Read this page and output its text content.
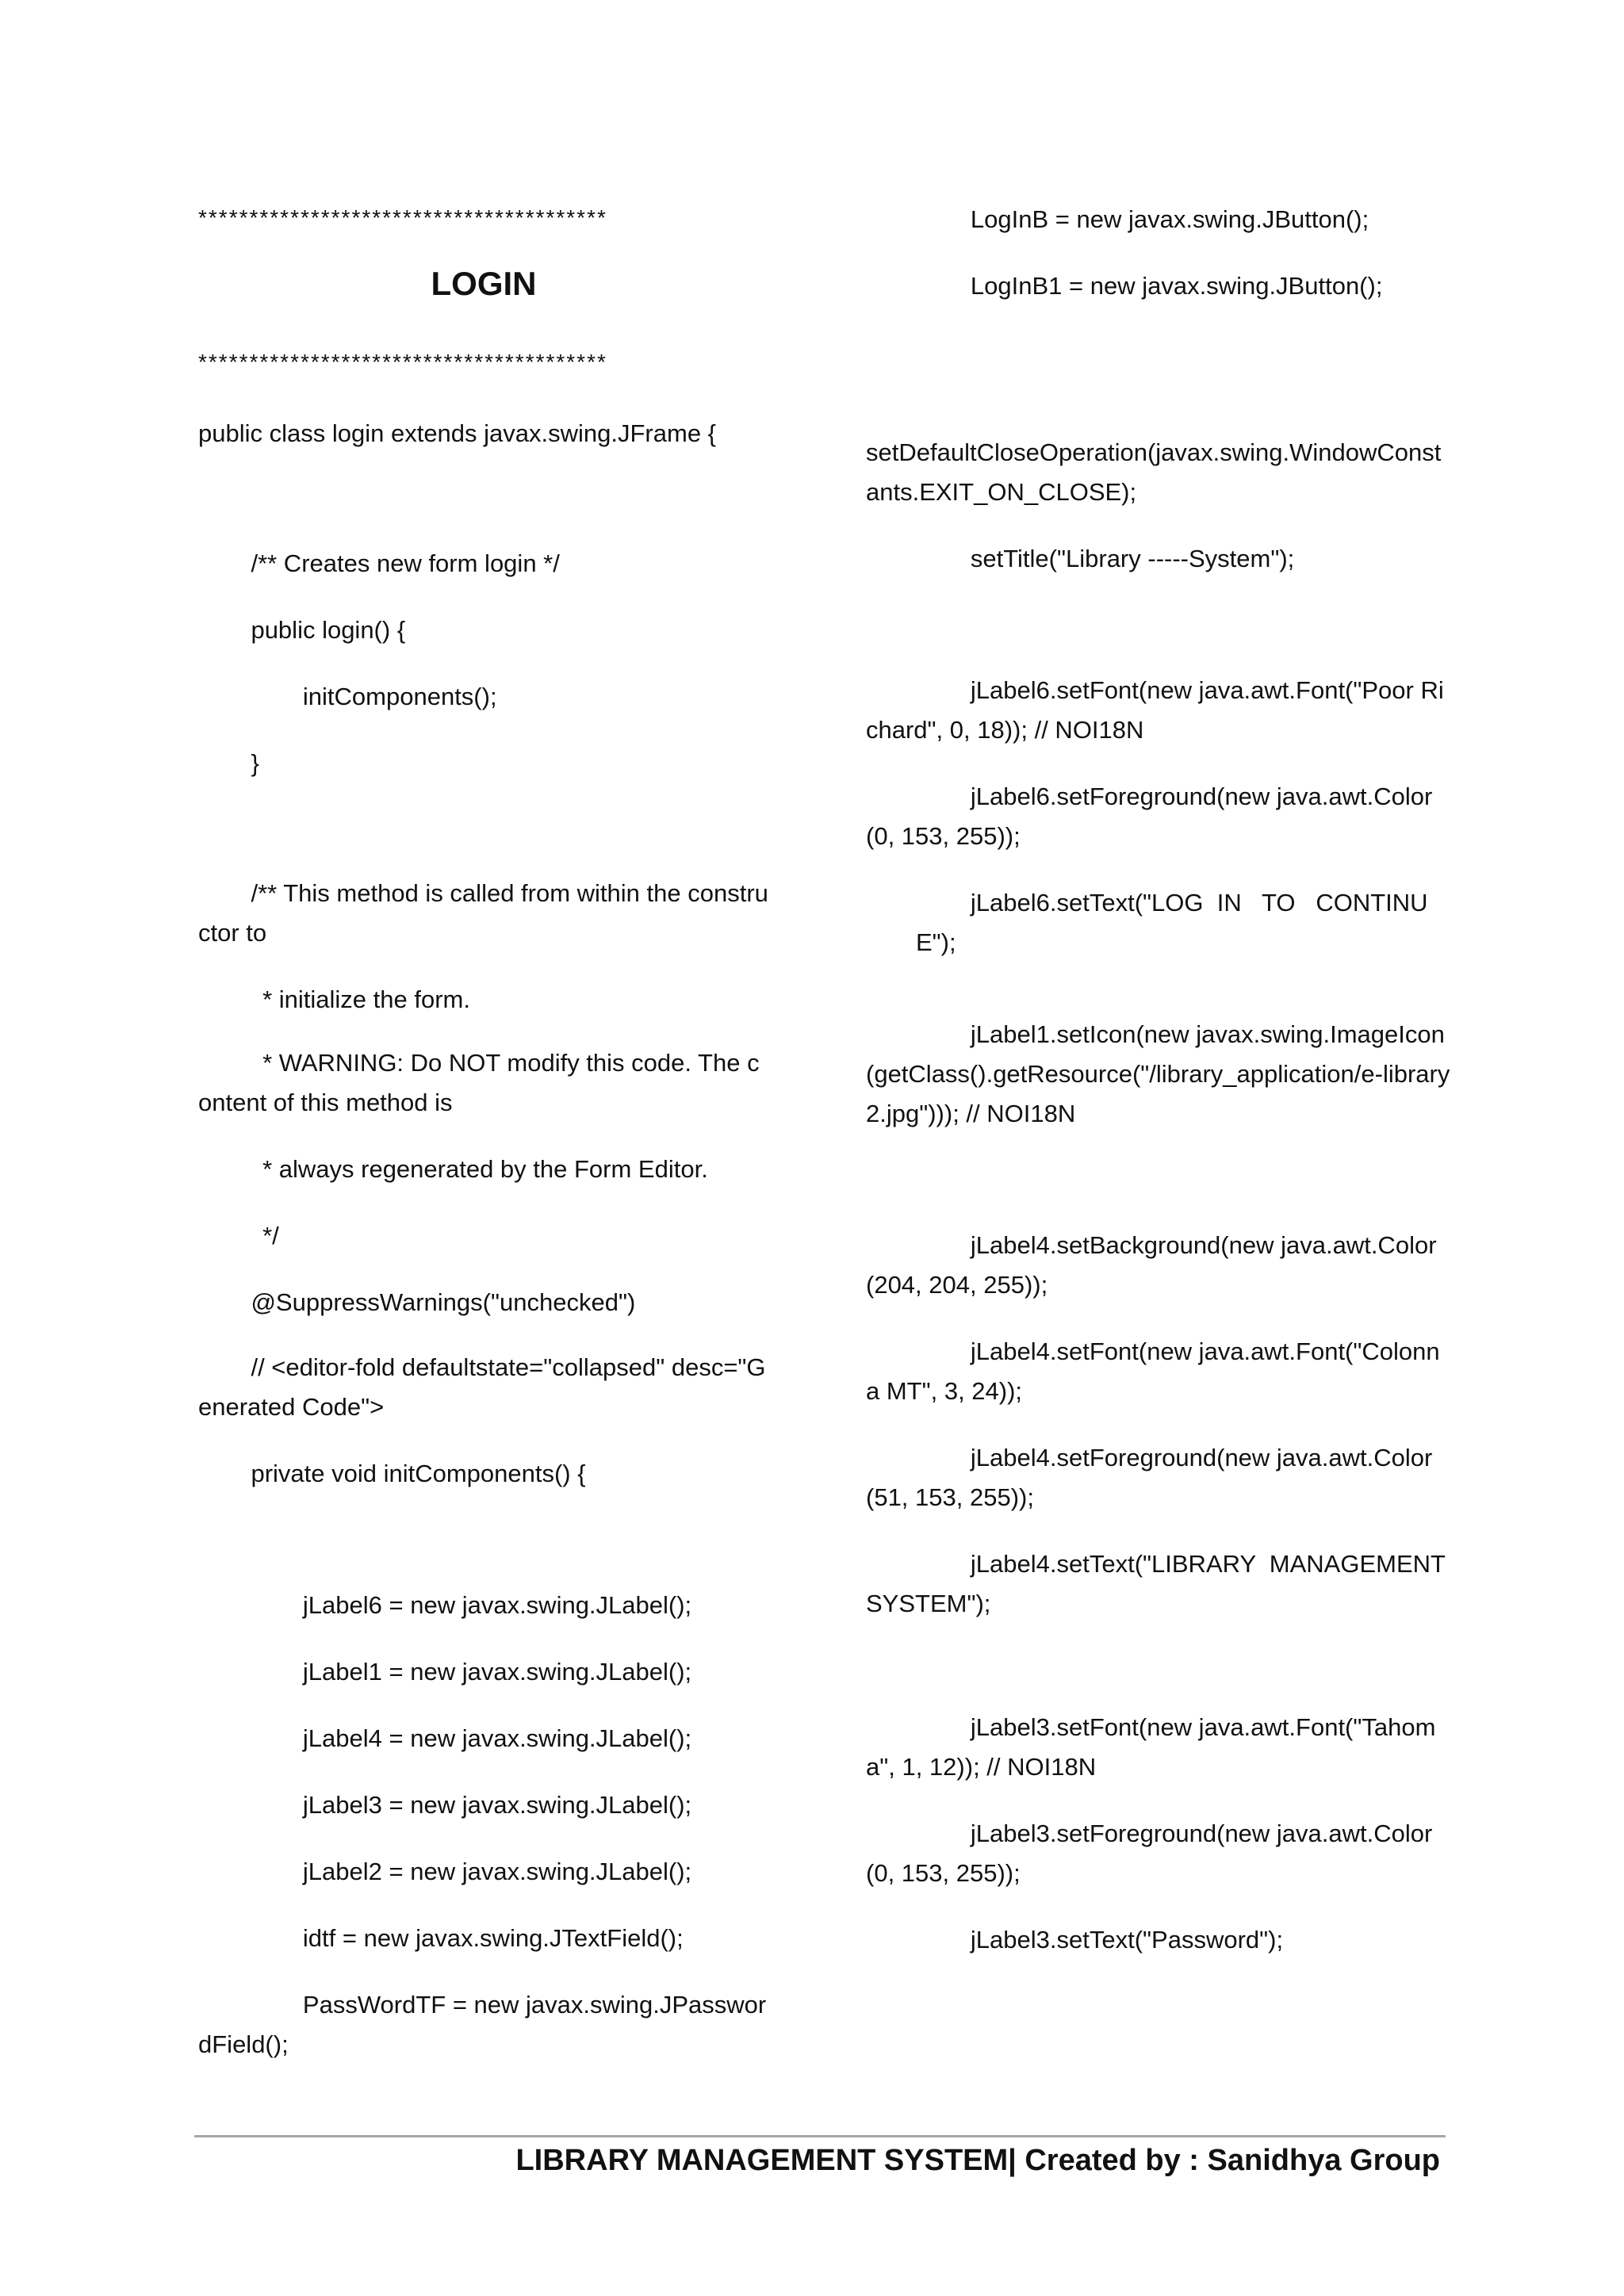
****************************************
LOGIN
****************************************
public class login extends javax.swing.JFrame {
/** Creates new form login */
public login() {
initComponents();
}
/** This method is called from within the constructor to
* initialize the form.
* WARNING: Do NOT modify this code. The content of this method is
* always regenerated by the Form Editor.
*/
@SuppressWarnings("unchecked")
// <editor-fold defaultstate="collapsed" desc="Generated Code">
private void initComponents() {
jLabel6 = new javax.swing.JLabel();
jLabel1 = new javax.swing.JLabel();
jLabel4 = new javax.swing.JLabel();
jLabel3 = new javax.swing.JLabel();
jLabel2 = new javax.swing.JLabel();
idtf = new javax.swing.JTextField();
PassWordTF = new javax.swing.JPasswordField();
LogInB = new javax.swing.JButton();
LogInB1 = new javax.swing.JButton();
setDefaultCloseOperation(javax.swing.WindowConstants.EXIT_ON_CLOSE);
setTitle("Library -----System");
jLabel6.setFont(new java.awt.Font("Poor Richard", 0, 18)); // NOI18N
jLabel6.setForeground(new java.awt.Color(0, 153, 255));
jLabel6.setText("LOG  IN   TO   CONTINUE");
jLabel1.setIcon(new javax.swing.ImageIcon(getClass().getResource("/library_application/e-library2.jpg"))); // NOI18N
jLabel4.setBackground(new java.awt.Color(204, 204, 255));
jLabel4.setFont(new java.awt.Font("Colonna MT", 3, 24));
jLabel4.setForeground(new java.awt.Color(51, 153, 255));
jLabel4.setText("LIBRARY  MANAGEMENT SYSTEM");
jLabel3.setFont(new java.awt.Font("Tahoma", 1, 12)); // NOI18N
jLabel3.setForeground(new java.awt.Color(0, 153, 255));
jLabel3.setText("Password");
LIBRARY MANAGEMENT SYSTEM| Created by : Sanidhya Group
